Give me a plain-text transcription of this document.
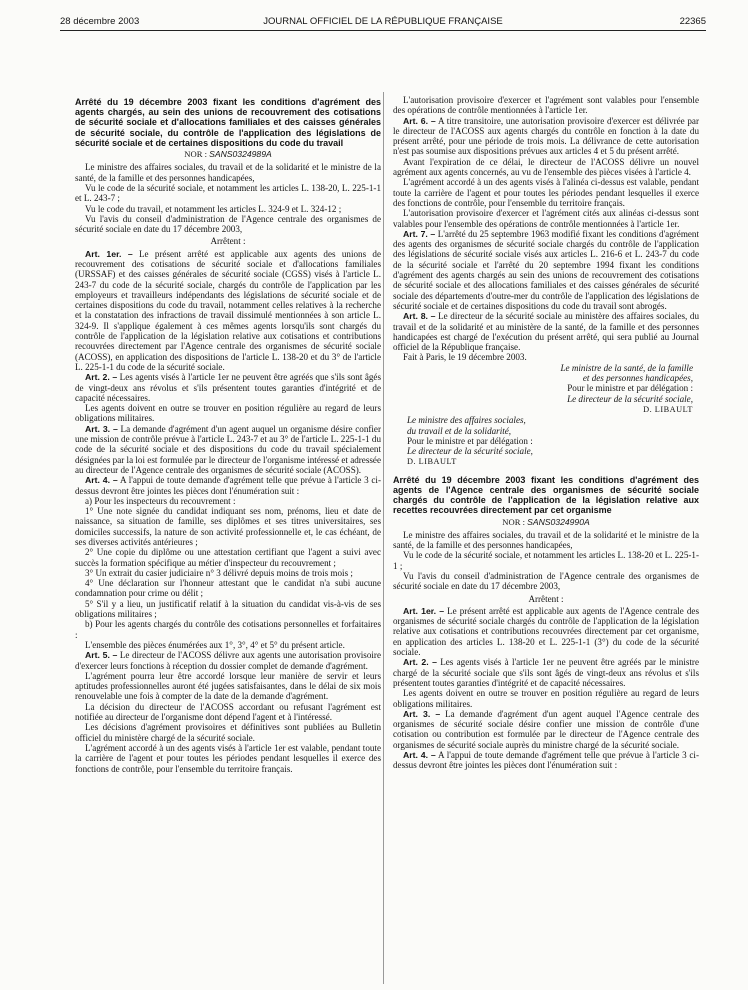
28 décembre 2003	JOURNAL OFFICIEL DE LA RÉPUBLIQUE FRANÇAISE	22365

Arrêté du 19 décembre 2003 fixant les conditions d'agrément des agents chargés, au sein des unions de recouvrement des cotisations de sécurité sociale et d'allocations familiales et des caisses générales de sécurité sociale, du contrôle de l'application des législations de sécurité sociale et de certaines dispositions du code du travail

NOR : SANS0324989A

Le ministre des affaires sociales, du travail et de la solidarité et le ministre de la santé, de la famille et des personnes handicapées,

Vu le code de la sécurité sociale, et notamment les articles L. 138-20, L. 225-1-1 et L. 243-7 ;

Vu le code du travail, et notamment les articles L. 324-9 et L. 324-12 ;

Vu l'avis du conseil d'administration de l'Agence centrale des organismes de sécurité sociale en date du 17 décembre 2003,

Arrêtent :

Art. 1er. – Le présent arrêté est applicable aux agents des unions de recouvrement des cotisations de sécurité sociale et d'allocations familiales (URSSAF) et des caisses générales de sécurité sociale (CGSS) visés à l'article L. 243-7 du code de la sécurité sociale, chargés du contrôle de l'application par les employeurs et travailleurs indépendants des législations de sécurité sociale et de certaines dispositions du code du travail, notamment celles relatives à la recherche et la constatation des infractions de travail dissimulé mentionnées à son article L. 324-9. Il s'applique également à ces mêmes agents lorsqu'ils sont chargés du contrôle de l'application de la législation relative aux cotisations et contributions recouvrées directement par l'Agence centrale des organismes de sécurité sociale (ACOSS), en application des dispositions de l'article L. 138-20 et du 3° de l'article L. 225-1-1 du code de la sécurité sociale.

Art. 2. – Les agents visés à l'article 1er ne peuvent être agréés que s'ils sont âgés de vingt-deux ans révolus et s'ils présentent toutes garanties d'intégrité et de capacité nécessaires.

Les agents doivent en outre se trouver en position régulière au regard de leurs obligations militaires.

Art. 3. – La demande d'agrément d'un agent auquel un organisme désire confier une mission de contrôle prévue à l'article L. 243-7 et au 3° de l'article L. 225-1-1 du code de la sécurité sociale et des dispositions du code du travail spécialement désignées par la loi est formulée par le directeur de l'organisme intéressé et adressée au directeur de l'Agence centrale des organismes de sécurité sociale (ACOSS).

Art. 4. – A l'appui de toute demande d'agrément telle que prévue à l'article 3 ci-dessus devront être jointes les pièces dont l'énumération suit :

a) Pour les inspecteurs du recouvrement :

1° Une note signée du candidat indiquant ses nom, prénoms, lieu et date de naissance, sa situation de famille, ses diplômes et ses titres universitaires, ses domiciles successifs, la nature de son activité professionnelle et, le cas échéant, de ses diverses activités antérieures ;

2° Une copie du diplôme ou une attestation certifiant que l'agent a suivi avec succès la formation spécifique au métier d'inspecteur du recouvrement ;

3° Un extrait du casier judiciaire n° 3 délivré depuis moins de trois mois ;

4° Une déclaration sur l'honneur attestant que le candidat n'a subi aucune condamnation pour crime ou délit ;

5° S'il y a lieu, un justificatif relatif à la situation du candidat vis-à-vis de ses obligations militaires ;

b) Pour les agents chargés du contrôle des cotisations personnelles et forfaitaires :

L'ensemble des pièces énumérées aux 1°, 3°, 4° et 5° du présent article.

Art. 5. – Le directeur de l'ACOSS délivre aux agents une autorisation provisoire d'exercer leurs fonctions à réception du dossier complet de demande d'agrément.

L'agrément pourra leur être accordé lorsque leur manière de servir et leurs aptitudes professionnelles auront été jugées satisfaisantes, dans le délai de six mois renouvelable une fois à compter de la date de la demande d'agrément.

La décision du directeur de l'ACOSS accordant ou refusant l'agrément est notifiée au directeur de l'organisme dont dépend l'agent et à l'intéressé.

Les décisions d'agrément provisoires et définitives sont publiées au Bulletin officiel du ministère chargé de la sécurité sociale.

L'agrément accordé à un des agents visés à l'article 1er est valable, pendant toute la carrière de l'agent et pour toutes les périodes pendant lesquelles il exerce des fonctions de contrôle, pour l'ensemble du territoire français.

L'autorisation provisoire d'exercer et l'agrément sont valables pour l'ensemble des opérations de contrôle mentionnées à l'article 1er.

Art. 6. – A titre transitoire, une autorisation provisoire d'exercer est délivrée par le directeur de l'ACOSS aux agents chargés du contrôle en fonction à la date du présent arrêté, pour une période de trois mois. La délivrance de cette autorisation n'est pas soumise aux dispositions prévues aux articles 4 et 5 du présent arrêté.

Avant l'expiration de ce délai, le directeur de l'ACOSS délivre un nouvel agrément aux agents concernés, au vu de l'ensemble des pièces visées à l'article 4.

L'agrément accordé à un des agents visés à l'alinéa ci-dessus est valable, pendant toute la carrière de l'agent et pour toutes les périodes pendant lesquelles il exerce des fonctions de contrôle, pour l'ensemble du territoire français.

L'autorisation provisoire d'exercer et l'agrément cités aux alinéas ci-dessus sont valables pour l'ensemble des opérations de contrôle mentionnées à l'article 1er.

Art. 7. – L'arrêté du 25 septembre 1963 modifié fixant les conditions d'agrément des agents des organismes de sécurité sociale chargés du contrôle de l'application des législations de sécurité sociale visés aux articles L. 216-6 et L. 243-7 du code de la sécurité sociale et l'arrêté du 20 septembre 1994 fixant les conditions d'agrément des agents chargés au sein des unions de recouvrement des cotisations de sécurité sociale et des allocations familiales et des caisses générales de sécurité sociale des départements d'outre-mer du contrôle de l'application des législations de sécurité sociale et de certaines dispositions du code du travail sont abrogés.

Art. 8. – Le directeur de la sécurité sociale au ministère des affaires sociales, du travail et de la solidarité et au ministère de la santé, de la famille et des personnes handicapées est chargé de l'exécution du présent arrêté, qui sera publié au Journal officiel de la République française.

Fait à Paris, le 19 décembre 2003.

Le ministre de la santé, de la famille

et des personnes handicapées,

Pour le ministre et par délégation :

Le directeur de la sécurité sociale,

D. LIBAULT

Le ministre des affaires sociales,

du travail et de la solidarité,

Pour le ministre et par délégation :

Le directeur de la sécurité sociale,

D. LIBAULT

Arrêté du 19 décembre 2003 fixant les conditions d'agrément des agents de l'Agence centrale des organismes de sécurité sociale chargés du contrôle de l'application de la législation relative aux recettes recouvrées directement par cet organisme

NOR : SANS0324990A

Le ministre des affaires sociales, du travail et de la solidarité et le ministre de la santé, de la famille et des personnes handicapées,

Vu le code de la sécurité sociale, et notamment les articles L. 138-20 et L. 225-1-1 ;

Vu l'avis du conseil d'administration de l'Agence centrale des organismes de sécurité sociale en date du 17 décembre 2003,

Arrêtent :

Art. 1er. – Le présent arrêté est applicable aux agents de l'Agence centrale des organismes de sécurité sociale chargés du contrôle de l'application de la législation relative aux cotisations et contributions recouvrées directement par cet organisme, en application des articles L. 138-20 et L. 225-1-1 (3°) du code de la sécurité sociale.

Art. 2. – Les agents visés à l'article 1er ne peuvent être agréés par le ministre chargé de la sécurité sociale que s'ils sont âgés de vingt-deux ans révolus et s'ils présentent toutes garanties d'intégrité et de capacité nécessaires.

Les agents doivent en outre se trouver en position régulière au regard de leurs obligations militaires.

Art. 3. – La demande d'agrément d'un agent auquel l'Agence centrale des organismes de sécurité sociale désire confier une mission de contrôle d'une cotisation ou contribution est formulée par le directeur de l'Agence centrale des organismes de sécurité sociale auprès du ministre chargé de la sécurité sociale.

Art. 4. – A l'appui de toute demande d'agrément telle que prévue à l'article 3 ci-dessus devront être jointes les pièces dont l'énumération suit :
